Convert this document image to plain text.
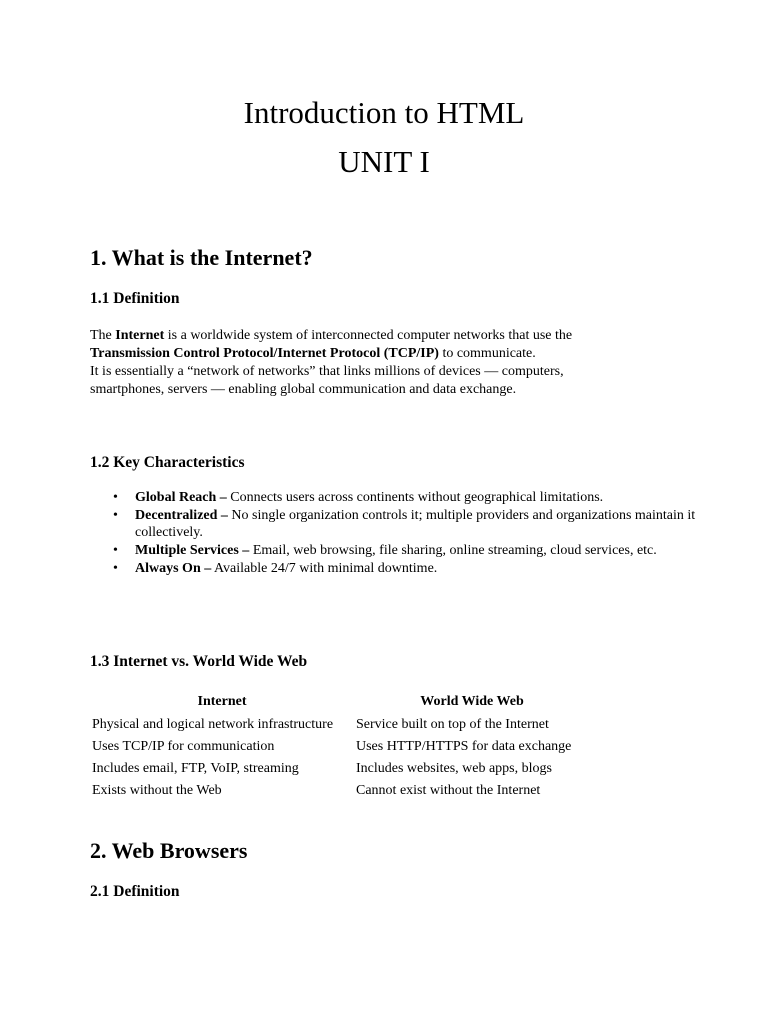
Introduction to HTML
UNIT I
1. What is the Internet?
1.1 Definition
The Internet is a worldwide system of interconnected computer networks that use the
Transmission Control Protocol/Internet Protocol (TCP/IP) to communicate.
It is essentially a “network of networks” that links millions of devices — computers,
smartphones, servers — enabling global communication and data exchange.
1.2 Key Characteristics
• Global Reach – Connects users across continents without geographical limitations.
• Decentralized – No single organization controls it; multiple providers and organizations maintain it collectively.
• Multiple Services – Email, web browsing, file sharing, online streaming, cloud services, etc.
• Always On – Available 24/7 with minimal downtime.
1.3 Internet vs. World Wide Web
Internet	World Wide Web
Physical and logical network infrastructure	Service built on top of the Internet
Uses TCP/IP for communication	Uses HTTP/HTTPS for data exchange
Includes email, FTP, VoIP, streaming	Includes websites, web apps, blogs
Exists without the Web	Cannot exist without the Internet
2. Web Browsers
2.1 Definition
